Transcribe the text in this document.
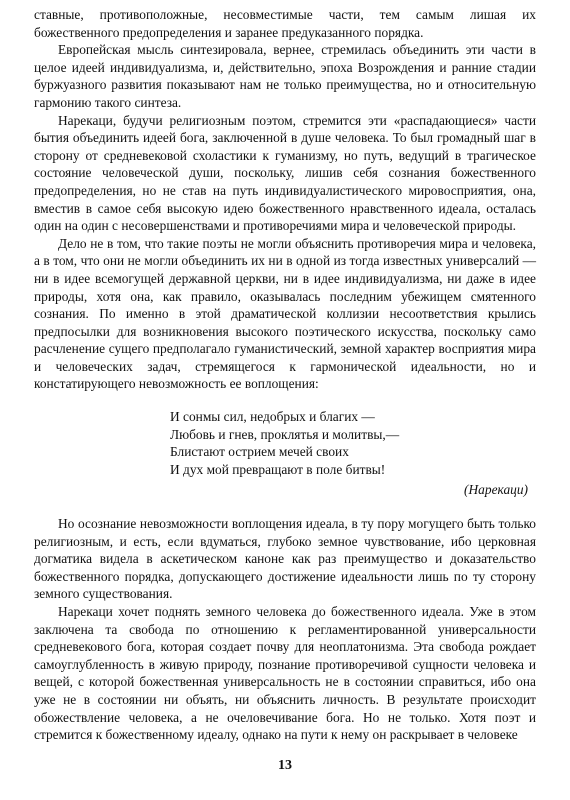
ставные, противоположные, несовместимые части, тем самым лишая их божественного предопределения и заранее предуказанного порядка.

Европейская мысль синтезировала, вернее, стремилась объединить эти части в целое идеей индивидуализма, и, действительно, эпоха Возрождения и ранние стадии буржуазного развития показывают нам не только преимущества, но и относительную гармонию такого синтеза.

Нарекаци, будучи религиозным поэтом, стремится эти «распадающиеся» части бытия объединить идеей бога, заключенной в душе человека. То был громадный шаг в сторону от средневековой схоластики к гуманизму, но путь, ведущий в трагическое состояние человеческой души, поскольку, лишив себя сознания божественного предопределения, но не став на путь индивидуалистического мировосприятия, она, вместив в самое себя высокую идею божественного нравственного идеала, осталась один на один с несовершенствами и противоречиями мира и человеческой природы.

Дело не в том, что такие поэты не могли объяснить противоречия мира и человека, а в том, что они не могли объединить их ни в одной из тогда известных универсалий — ни в идее всемогущей державной церкви, ни в идее индивидуализма, ни даже в идее природы, хотя она, как правило, оказывалась последним убежищем смятенного сознания. По именно в этой драматической коллизии несоответствия крылись предпосылки для возникновения высокого поэтического искусства, поскольку само расчленение сущего предполагало гуманистический, земной характер восприятия мира и человеческих задач, стремящегося к гармонической идеальности, но и констатирующего невозможность ее воплощения:

И сонмы сил, недобрых и благих —
Любовь и гнев, проклятья и молитвы,—
Блистают острием мечей своих
И дух мой превращают в поле битвы!
(Нарекаци)

Но осознание невозможности воплощения идеала, в ту пору могущего быть только религиозным, и есть, если вдуматься, глубоко земное чувствование, ибо церковная догматика видела в аскетическом каноне как раз преимущество и доказательство божественного порядка, допускающего достижение идеальности лишь по ту сторону земного существования.

Нарекаци хочет поднять земного человека до божественного идеала. Уже в этом заключена та свобода по отношению к регламентированной универсальности средневекового бога, которая создает почву для неоплатонизма. Эта свобода рождает самоуглубленность в живую природу, познание противоречивой сущности человека и вещей, с которой божественная универсальность не в состоянии справиться, ибо она уже не в состоянии ни объять, ни объяснить личность. В результате происходит обожествление человека, а не очеловечивание бога. Но не только. Хотя поэт и стремится к божественному идеалу, однако на пути к нему он раскрывает в человеке

13
